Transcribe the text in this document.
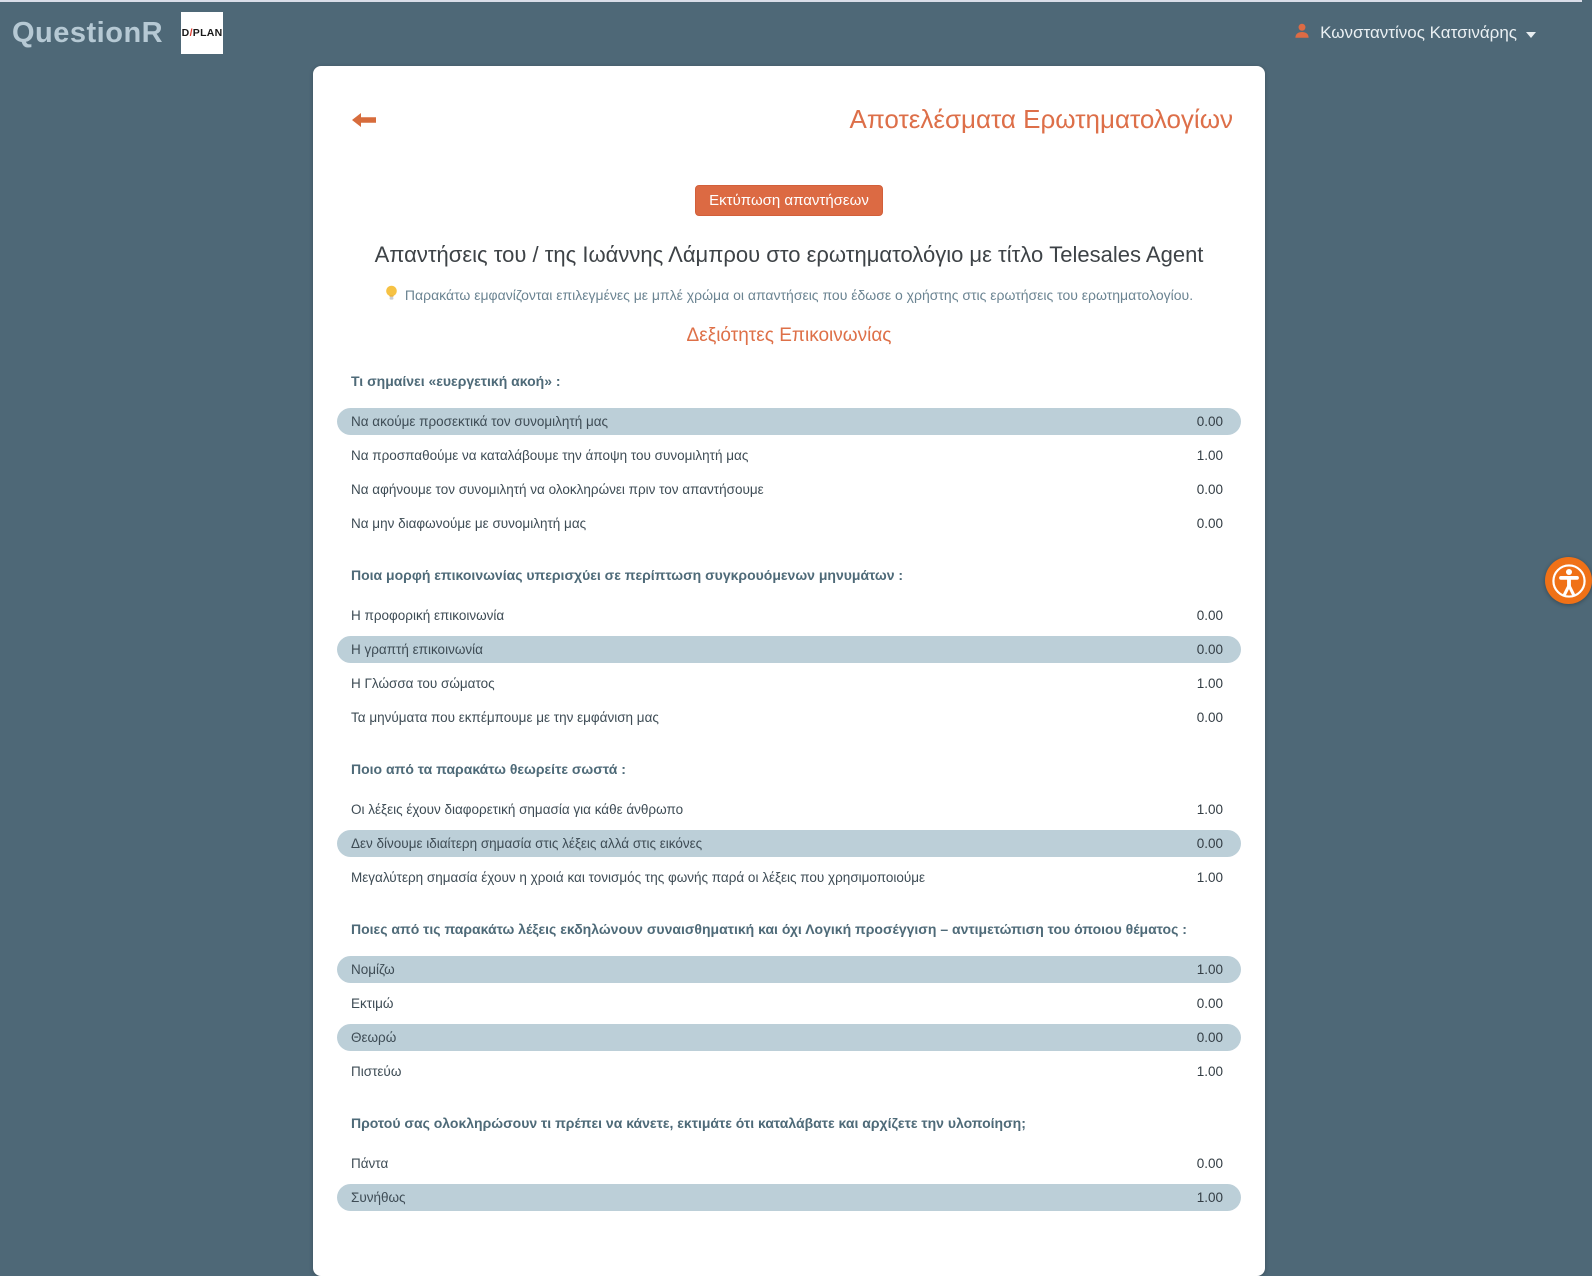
QuestionR D / PLAN	Κωνσταντίνος Κατσινάρης
Αποτελέσματα Ερωτηματολογίων
Εκτύπωση απαντήσεων
Απαντήσεις του / της Ιωάννης Λάμπρου στο ερωτηματολόγιο με τίτλο Telesales Agent
Παρακάτω εμφανίζονται επιλεγμένες με μπλέ χρώμα οι απαντήσεις που έδωσε ο χρήστης στις ερωτήσεις του ερωτηματολογίου.
Δεξιότητες Επικοινωνίας
Τι σημαίνει «ευεργετική ακοή» :
Να ακούμε προσεκτικά τον συνομιλητή μας	0.00
Να προσπαθούμε να καταλάβουμε την άποψη του συνομιλητή μας	1.00
Να αφήνουμε τον συνομιλητή να ολοκληρώνει πριν τον απαντήσουμε	0.00
Να μην διαφωνούμε με συνομιλητή μας	0.00
Ποια μορφή επικοινωνίας υπερισχύει σε περίπτωση συγκρουόμενων μηνυμάτων :
Η προφορική επικοινωνία	0.00
Η γραπτή επικοινωνία	0.00
Η Γλώσσα του σώματος	1.00
Τα μηνύματα που εκπέμπουμε με την εμφάνιση μας	0.00
Ποιο από τα παρακάτω θεωρείτε σωστά :
Οι λέξεις έχουν διαφορετική σημασία για κάθε άνθρωπο	1.00
Δεν δίνουμε ιδιαίτερη σημασία στις λέξεις αλλά στις εικόνες	0.00
Μεγαλύτερη σημασία έχουν η χροιά και τονισμός της φωνής παρά οι λέξεις που χρησιμοποιούμε	1.00
Ποιες από τις παρακάτω λέξεις εκδηλώνουν συναισθηματική και όχι Λογική προσέγγιση – αντιμετώπιση του όποιου θέματος :
Νομίζω	1.00
Εκτιμώ	0.00
Θεωρώ	0.00
Πιστεύω	1.00
Προτού σας ολοκληρώσουν τι πρέπει να κάνετε, εκτιμάτε ότι καταλάβατε και αρχίζετε την υλοποίηση;
Πάντα	0.00
Συνήθως	1.00
